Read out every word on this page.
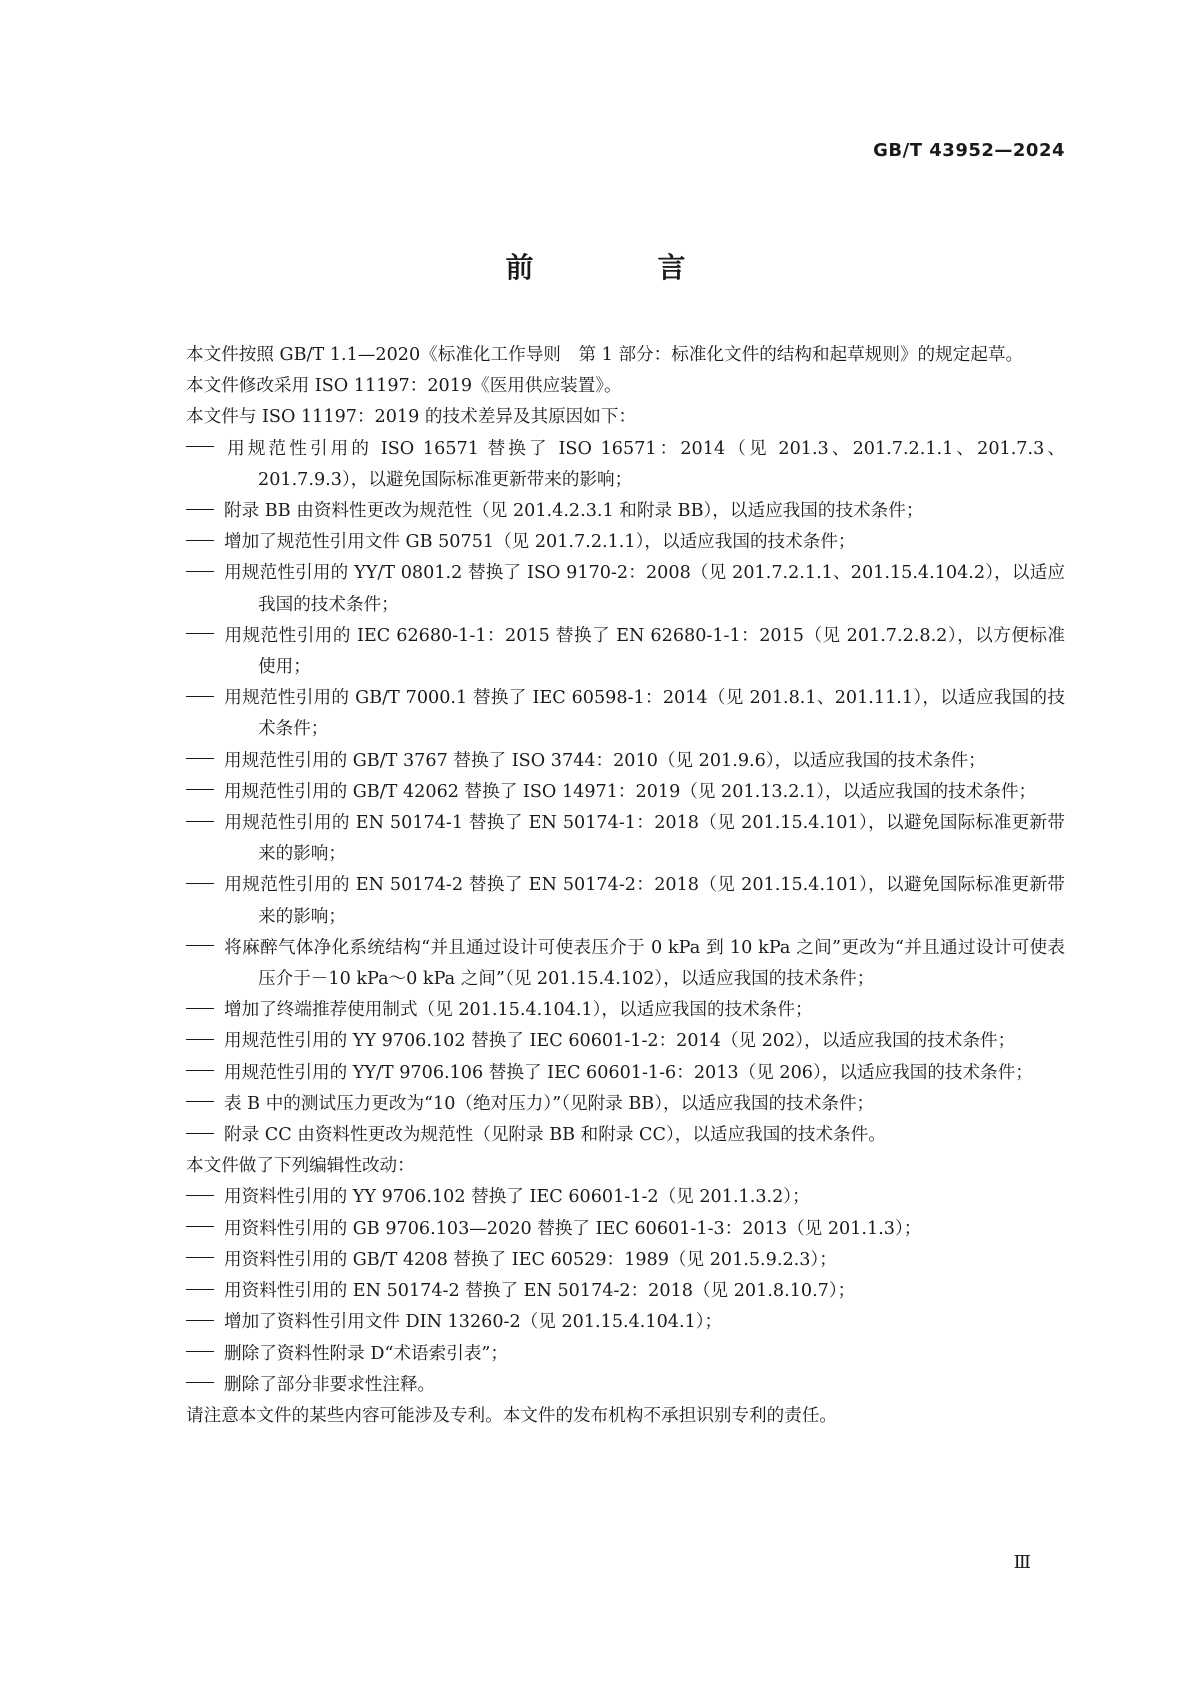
GB/T 43952—2024
前　言

本文件按照 GB/T 1.1—2020《标准化工作导则　第 1 部分：标准化文件的结构和起草规则》的规定起草。

本文件修改采用 ISO 11197：2019《医用供应装置》。

本文件与 ISO 11197：2019 的技术差异及其原因如下：

用规范性引用的 ISO 16571 替换了 ISO 16571：2014（见 201.3、201.7.2.1.1、201.7.3、201.7.9.3），以避免国际标准更新带来的影响；
附录 BB 由资料性更改为规范性（见 201.4.2.3.1 和附录 BB），以适应我国的技术条件；
增加了规范性引用文件 GB 50751（见 201.7.2.1.1），以适应我国的技术条件；
用规范性引用的 YY/T 0801.2 替换了 ISO 9170-2：2008（见 201.7.2.1.1、201.15.4.104.2），以适应我国的技术条件；
用规范性引用的 IEC 62680-1-1：2015 替换了 EN 62680-1-1：2015（见 201.7.2.8.2），以方便标准使用；
用规范性引用的 GB/T 7000.1 替换了 IEC 60598-1：2014（见 201.8.1、201.11.1），以适应我国的技术条件；
用规范性引用的 GB/T 3767 替换了 ISO 3744：2010（见 201.9.6），以适应我国的技术条件；
用规范性引用的 GB/T 42062 替换了 ISO 14971：2019（见 201.13.2.1），以适应我国的技术条件；
用规范性引用的 EN 50174-1 替换了 EN 50174-1：2018（见 201.15.4.101），以避免国际标准更新带来的影响；
用规范性引用的 EN 50174-2 替换了 EN 50174-2：2018（见 201.15.4.101），以避免国际标准更新带来的影响；
将麻醉气体净化系统结构“并且通过设计可使表压介于 0 kPa 到 10 kPa 之间”更改为“并且通过设计可使表压介于－10 kPa～0 kPa 之间”（见 201.15.4.102），以适应我国的技术条件；
增加了终端推荐使用制式（见 201.15.4.104.1），以适应我国的技术条件；
用规范性引用的 YY 9706.102 替换了 IEC 60601-1-2：2014（见 202），以适应我国的技术条件；
用规范性引用的 YY/T 9706.106 替换了 IEC 60601-1-6：2013（见 206），以适应我国的技术条件；
表 B 中的测试压力更改为“10（绝对压力）”（见附录 BB），以适应我国的技术条件；
附录 CC 由资料性更改为规范性（见附录 BB 和附录 CC），以适应我国的技术条件。

本文件做了下列编辑性改动：

用资料性引用的 YY 9706.102 替换了 IEC 60601-1-2（见 201.1.3.2）；
用资料性引用的 GB 9706.103—2020 替换了 IEC 60601-1-3：2013（见 201.1.3）；
用资料性引用的 GB/T 4208 替换了 IEC 60529：1989（见 201.5.9.2.3）；
用资料性引用的 EN 50174-2 替换了 EN 50174-2：2018（见 201.8.10.7）；
增加了资料性引用文件 DIN 13260-2（见 201.15.4.104.1）；
删除了资料性附录 D“术语索引表”；
删除了部分非要求性注释。

请注意本文件的某些内容可能涉及专利。本文件的发布机构不承担识别专利的责任。

Ⅲ
